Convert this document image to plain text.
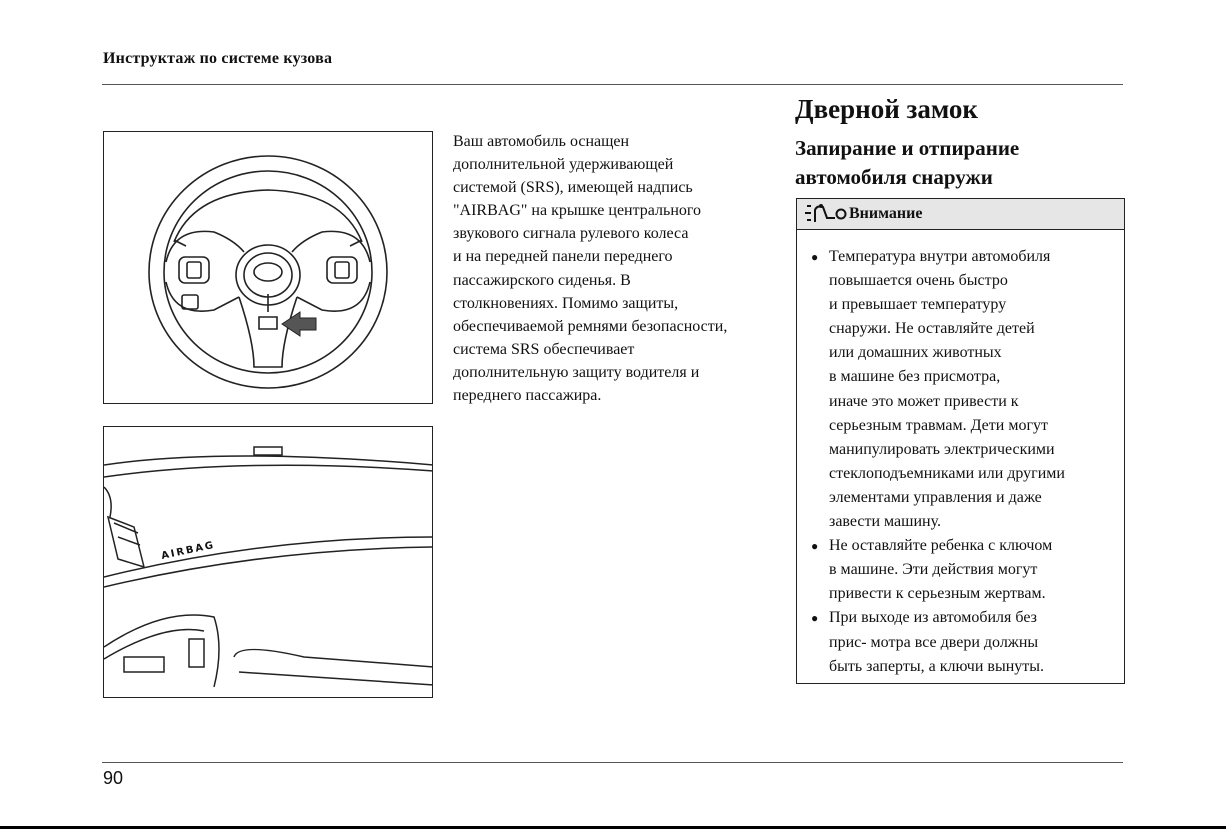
Инструктаж по системе кузова
AIRBAG
Ваш автомобиль оснащен
дополнительной удерживающей
системой (SRS), имеющей надпись
"AIRBAG" на крышке центрального
звукового сигнала рулевого колеса
и на передней панели переднего
пассажирского сиденья. В
столкновениях. Помимо защиты,
обеспечиваемой ремнями безопасности,
система SRS обеспечивает
дополнительную защиту водителя и
переднего пассажира.
Дверной замок
Запирание и отпирание
автомобиля снаружи
Внимание
● Температура внутри автомобиля
повышается очень быстро
и превышает температуру
снаружи. Не оставляйте детей
или домашних животных
в машине без присмотра,
иначе это может привести к
серьезным травмам. Дети могут
манипулировать электрическими
стеклоподъемниками или другими
элементами управления и даже
завести машину.
● Не оставляйте ребенка с ключом
в машине. Эти действия могут
привести к серьезным жертвам.
● При выходе из автомобиля без
прис- мотра все двери должны
быть заперты, а ключи вынуты.
90
